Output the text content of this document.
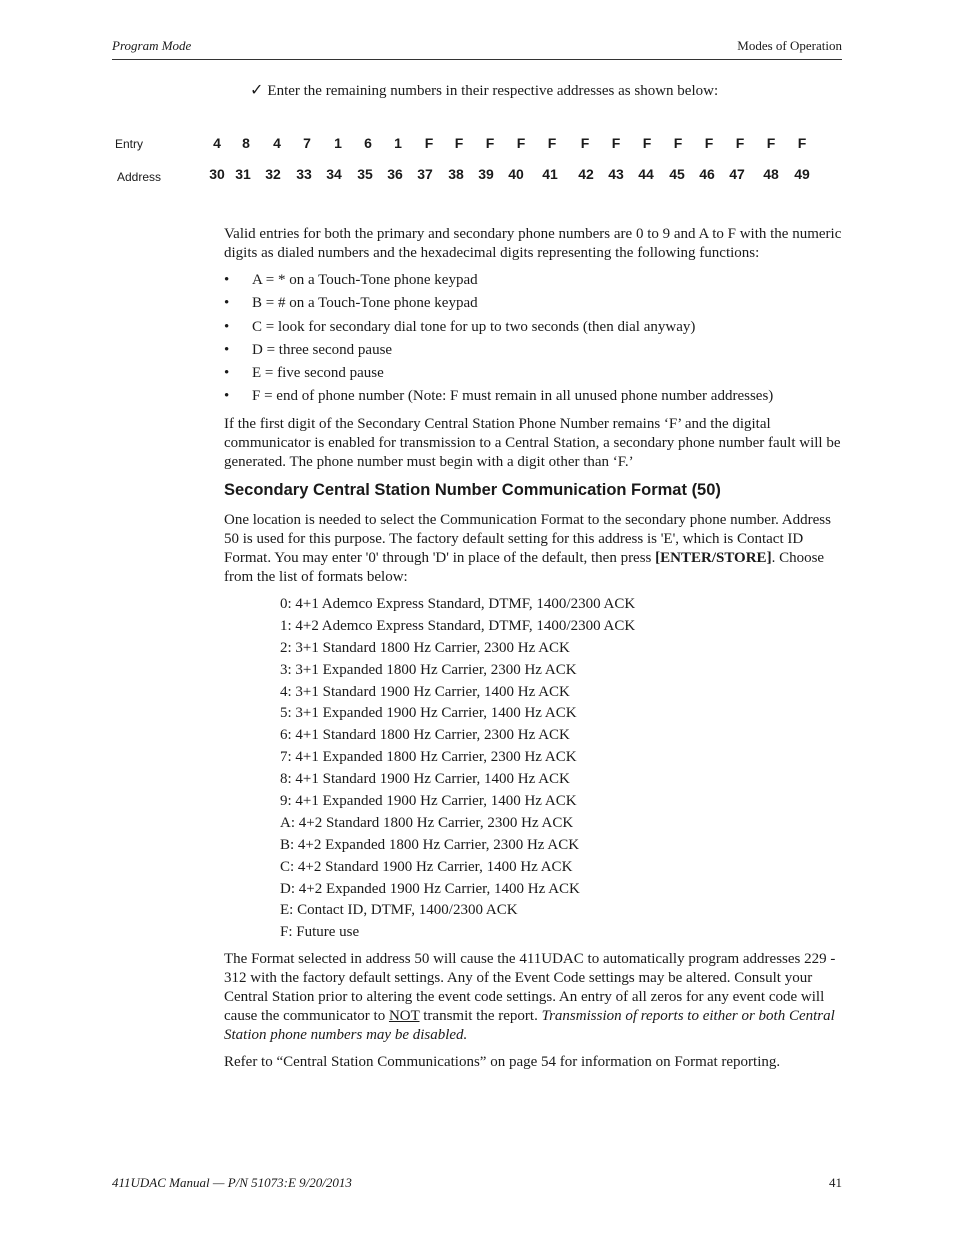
Program Mode	Modes of Operation
✓ Enter the remaining numbers in their respective addresses as shown below:
Entry
Address
4	8	4	7	1	6	1	F	F	F	F	F	F	F	F	F	F	F	F	F
30 31	32	33	34	35	36	37	38	39	40	41	42	43	44	45	46	47	48	49

Valid entries for both the primary and secondary phone numbers are 0 to 9 and A to F with the numeric digits as dialed numbers and the hexadecimal digits representing the following functions:

• A = * on a Touch-Tone phone keypad
• B = # on a Touch-Tone phone keypad
• C = look for secondary dial tone for up to two seconds (then dial anyway)
• D = three second pause
• E = five second pause
• F = end of phone number (Note: F must remain in all unused phone number addresses)

If the first digit of the Secondary Central Station Phone Number remains ‘F’ and the digital communicator is enabled for transmission to a Central Station, a secondary phone number fault will be generated. The phone number must begin with a digit other than ‘F.’

Secondary Central Station Number Communication Format (50)

One location is needed to select the Communication Format to the secondary phone number. Address 50 is used for this purpose. The factory default setting for this address is 'E', which is Contact ID Format. You may enter '0' through 'D' in place of the default, then press [ENTER/STORE]. Choose from the list of formats below:

0: 4+1 Ademco Express Standard, DTMF, 1400/2300 ACK
1: 4+2 Ademco Express Standard, DTMF, 1400/2300 ACK
2: 3+1 Standard 1800 Hz Carrier, 2300 Hz ACK
3: 3+1 Expanded 1800 Hz Carrier, 2300 Hz ACK
4: 3+1 Standard 1900 Hz Carrier, 1400 Hz ACK
5: 3+1 Expanded 1900 Hz Carrier, 1400 Hz ACK
6: 4+1 Standard 1800 Hz Carrier, 2300 Hz ACK
7: 4+1 Expanded 1800 Hz Carrier, 2300 Hz ACK
8: 4+1 Standard 1900 Hz Carrier, 1400 Hz ACK
9: 4+1 Expanded 1900 Hz Carrier, 1400 Hz ACK
A: 4+2 Standard 1800 Hz Carrier, 2300 Hz ACK
B: 4+2 Expanded 1800 Hz Carrier, 2300 Hz ACK
C: 4+2 Standard 1900 Hz Carrier, 1400 Hz ACK
D: 4+2 Expanded 1900 Hz Carrier, 1400 Hz ACK
E: Contact ID, DTMF, 1400/2300 ACK
F: Future use

The Format selected in address 50 will cause the 411UDAC to automatically program addresses 229 - 312 with the factory default settings. Any of the Event Code settings may be altered. Consult your Central Station prior to altering the event code settings. An entry of all zeros for any event code will cause the communicator to NOT transmit the report. Transmission of reports to either or both Central Station phone numbers may be disabled.

Refer to “Central Station Communications” on page 54 for information on Format reporting.

411UDAC Manual — P/N 51073:E 9/20/2013	41
